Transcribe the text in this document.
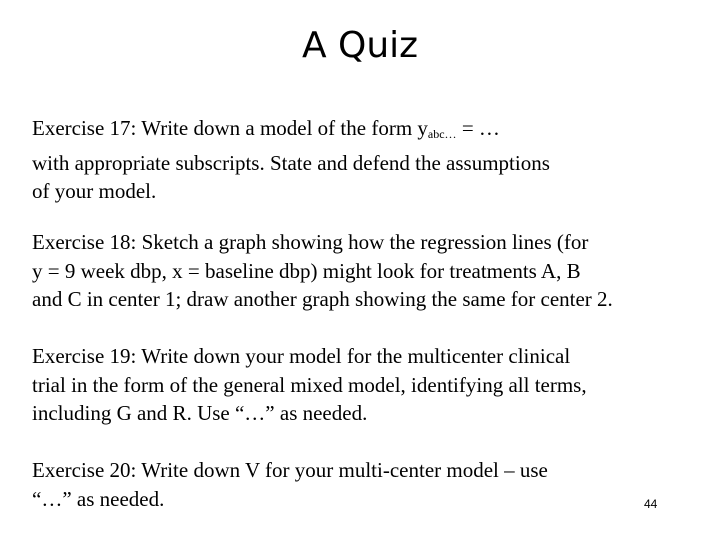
A Quiz
Exercise 17: Write down a model of the form $y_{abc\dots}$ = …
with appropriate subscripts. State and defend the assumptions
of your model.
Exercise 18: Sketch a graph showing how the regression lines (for
y = 9 week dbp, x = baseline dbp) might look for treatments A, B
and C in center 1; draw another graph showing the same for center 2.
Exercise 19: Write down your model for the multicenter clinical
trial in the form of the general mixed model, identifying all terms,
including G and R. Use “…” as needed.
Exercise 20: Write down V for your multi-center model – use
“…” as needed.	44
